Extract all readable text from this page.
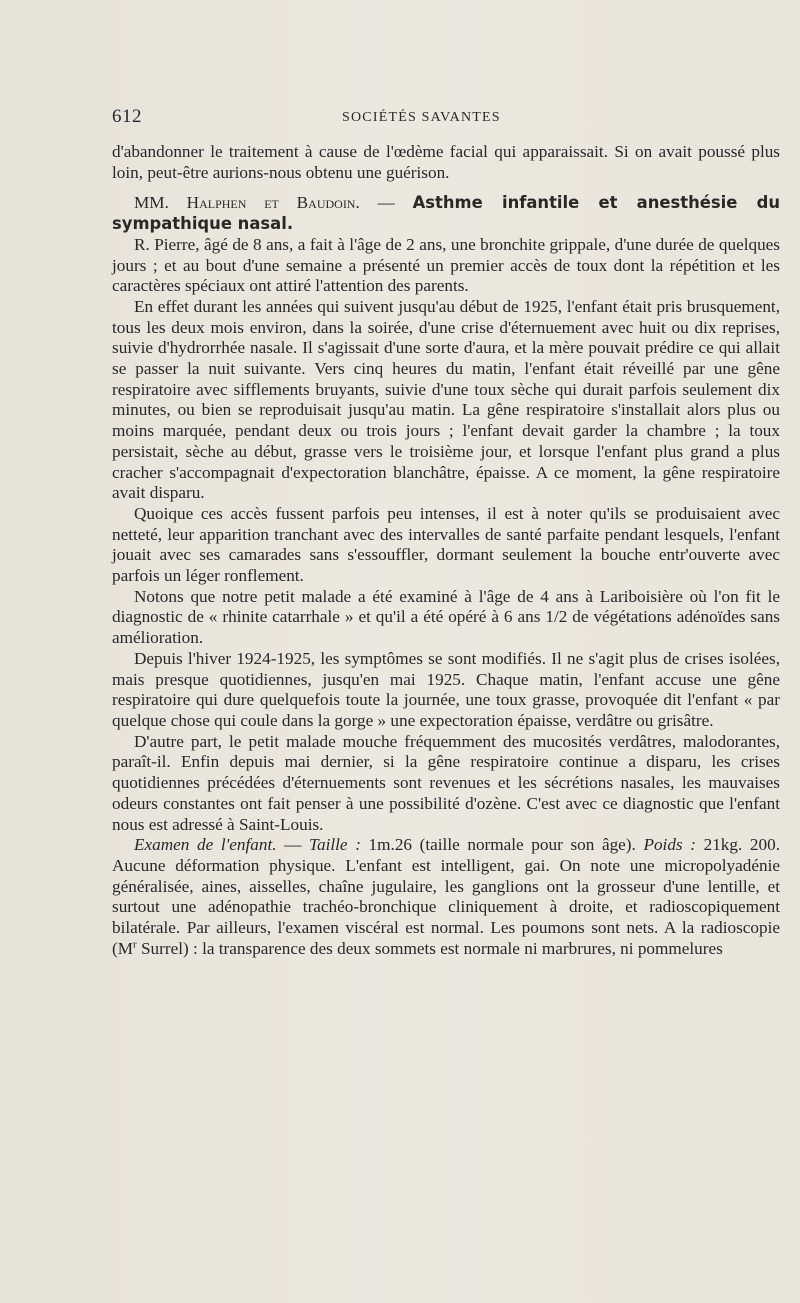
612	SOCIÉTÉS SAVANTES

d'abandonner le traitement à cause de l'œdème facial qui apparaissait. Si on avait poussé plus loin, peut-être aurions-nous obtenu une guérison.

MM. Halphen et Baudoin. — Asthme infantile et anesthésie du sympathique nasal.

R. Pierre, âgé de 8 ans, a fait à l'âge de 2 ans, une bronchite grippale, d'une durée de quelques jours ; et au bout d'une semaine a présenté un premier accès de toux dont la répétition et les caractères spéciaux ont attiré l'attention des parents.

En effet durant les années qui suivent jusqu'au début de 1925, l'enfant était pris brusquement, tous les deux mois environ, dans la soirée, d'une crise d'éternuement avec huit ou dix reprises, suivie d'hydrorrhée nasale. Il s'agissait d'une sorte d'aura, et la mère pouvait prédire ce qui allait se passer la nuit suivante. Vers cinq heures du matin, l'enfant était réveillé par une gêne respiratoire avec sifflements bruyants, suivie d'une toux sèche qui durait parfois seulement dix minutes, ou bien se reproduisait jusqu'au matin. La gêne respiratoire s'installait alors plus ou moins marquée, pendant deux ou trois jours ; l'enfant devait garder la chambre ; la toux persistait, sèche au début, grasse vers le troisième jour, et lorsque l'enfant plus grand a plus cracher s'accompagnait d'expectoration blanchâtre, épaisse. A ce moment, la gêne respiratoire avait disparu.

Quoique ces accès fussent parfois peu intenses, il est à noter qu'ils se produisaient avec netteté, leur apparition tranchant avec des intervalles de santé parfaite pendant lesquels, l'enfant jouait avec ses camarades sans s'essouffler, dormant seulement la bouche entr'ouverte avec parfois un léger ronflement.

Notons que notre petit malade a été examiné à l'âge de 4 ans à Lariboisière où l'on fit le diagnostic de « rhinite catarrhale » et qu'il a été opéré à 6 ans 1/2 de végétations adénoïdes sans amélioration.

Depuis l'hiver 1924-1925, les symptômes se sont modifiés. Il ne s'agit plus de crises isolées, mais presque quotidiennes, jusqu'en mai 1925. Chaque matin, l'enfant accuse une gêne respiratoire qui dure quelquefois toute la journée, une toux grasse, provoquée dit l'enfant « par quelque chose qui coule dans la gorge » une expectoration épaisse, verdâtre ou grisâtre.

D'autre part, le petit malade mouche fréquemment des mucosités verdâtres, malodorantes, paraît-il. Enfin depuis mai dernier, si la gêne respiratoire continue a disparu, les crises quotidiennes précédées d'éternuements sont revenues et les sécrétions nasales, les mauvaises odeurs constantes ont fait penser à une possibilité d'ozène. C'est avec ce diagnostic que l'enfant nous est adressé à Saint-Louis.

Examen de l'enfant. — Taille : 1m.26 (taille normale pour son âge). Poids : 21kg. 200. Aucune déformation physique. L'enfant est intelligent, gai. On note une micropolyadénie généralisée, aines, aisselles, chaîne jugulaire, les ganglions ont la grosseur d'une lentille, et surtout une adénopathie trachéo-bronchique cliniquement à droite, et radioscopiquement bilatérale. Par ailleurs, l'examen viscéral est normal. Les poumons sont nets. A la radioscopie ($M^r$ Surrel) : la transparence des deux sommets est normale ni marbrures, ni pommelures
